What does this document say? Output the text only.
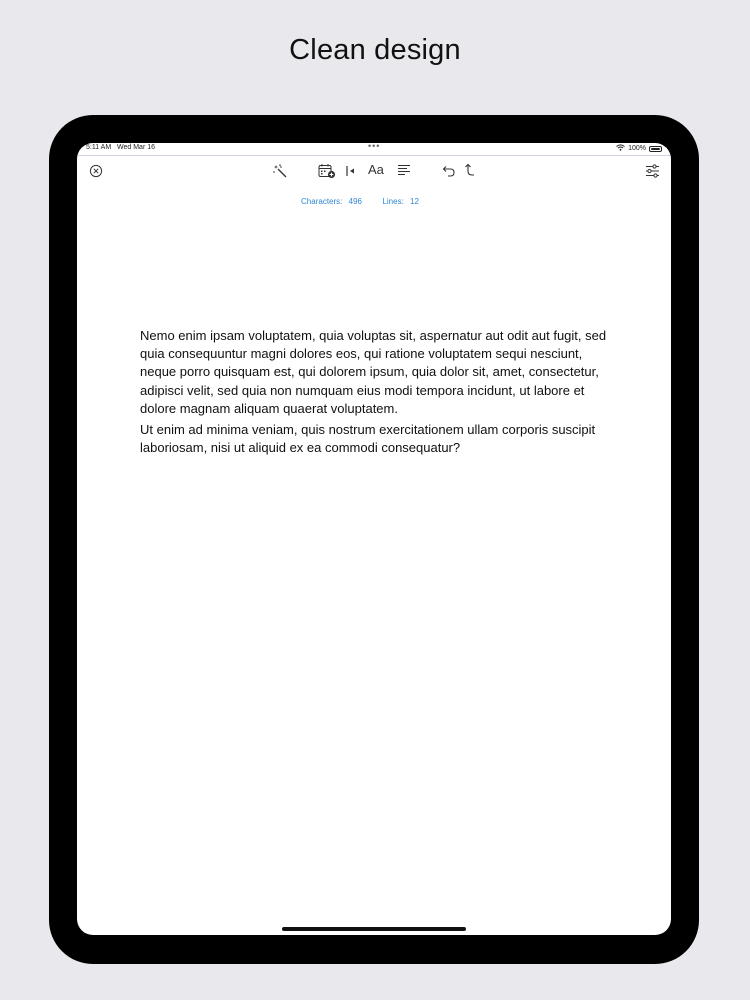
Clean design
5:11 AM Wed Mar 16	•••	100%
Aa
Characters: 496	Lines: 12

Nemo enim ipsam voluptatem, quia voluptas sit, aspernatur aut odit aut fugit, sed quia consequuntur magni dolores eos, qui ratione voluptatem sequi nesciunt, neque porro quisquam est, qui dolorem ipsum, quia dolor sit, amet, consectetur, adipisci velit, sed quia non numquam eius modi tempora incidunt, ut labore et dolore magnam aliquam quaerat voluptatem.

Ut enim ad minima veniam, quis nostrum exercitationem ullam corporis suscipit laboriosam, nisi ut aliquid ex ea commodi consequatur?
